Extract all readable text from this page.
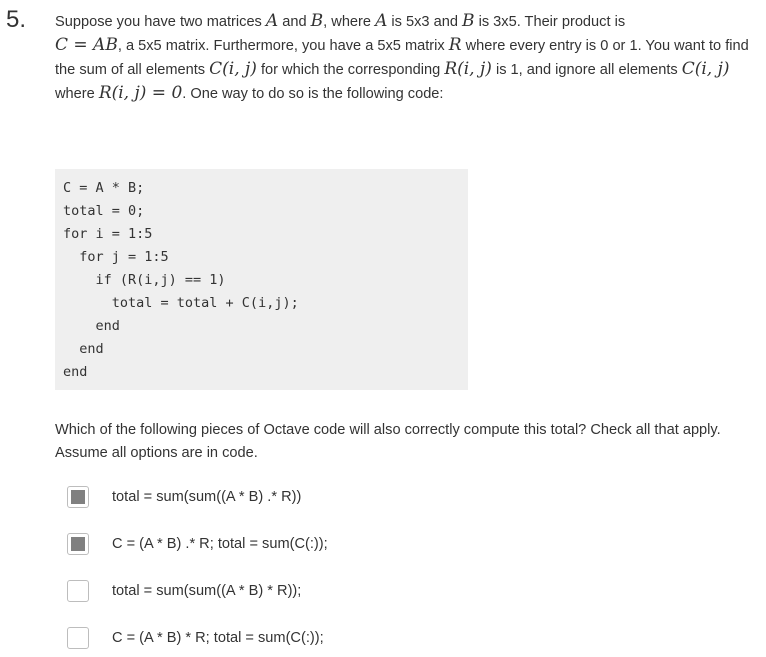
5. Suppose you have two matrices A and B, where A is 5x3 and B is 3x5. Their product is
C = AB, a 5x5 matrix. Furthermore, you have a 5x5 matrix R where every entry is 0 or 1. You want to find the sum of all elements C(i, j) for which the corresponding R(i, j) is 1, and ignore all elements C(i, j) where R(i, j) = 0. One way to do so is the following code:
C = A * B;
total = 0;
for i = 1:5
for j = 1:5
if (R(i,j) == 1)
total = total + C(i,j);
end
end
end
Which of the following pieces of Octave code will also correctly compute this total? Check all that apply. Assume all options are in code.
total = sum(sum((A * B) .* R))
C = (A * B) .* R; total = sum(C(:));
total = sum(sum((A * B) * R));
C = (A * B) * R; total = sum(C(:));
